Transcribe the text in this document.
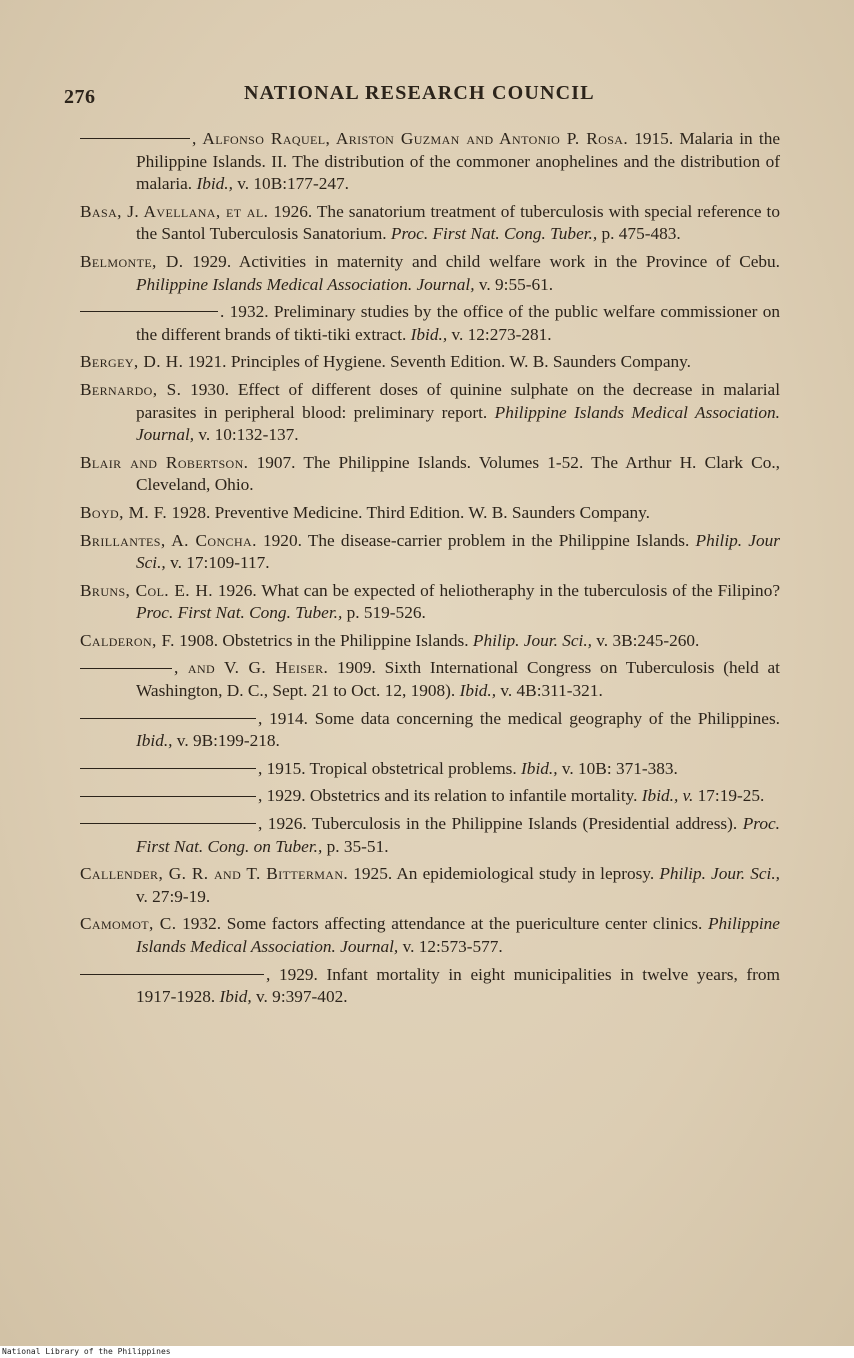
276	NATIONAL RESEARCH COUNCIL
, Alfonso Raquel, Ariston Guzman and Antonio P. Rosa. 1915. Malaria in the Philippine Islands. II. The distribution of the commoner anophelines and the distribution of malaria. Ibid., v. 10B:177-247.
Basa, J. Avellana, et al. 1926. The sanatorium treatment of tuberculosis with special reference to the Santol Tuberculosis Sanatorium. Proc. First Nat. Cong. Tuber., p. 475-483.
Belmonte, D. 1929. Activities in maternity and child welfare work in the Province of Cebu. Philippine Islands Medical Association. Journal, v. 9:55-61.
. 1932. Preliminary studies by the office of the public welfare commissioner on the different brands of tikti-tiki extract. Ibid., v. 12:273-281.
Bergey, D. H. 1921. Principles of Hygiene. Seventh Edition. W. B. Saunders Company.
Bernardo, S. 1930. Effect of different doses of quinine sulphate on the decrease in malarial parasites in peripheral blood: preliminary report. Philippine Islands Medical Association. Journal, v. 10:132-137.
Blair and Robertson. 1907. The Philippine Islands. Volumes 1-52. The Arthur H. Clark Co., Cleveland, Ohio.
Boyd, M. F. 1928. Preventive Medicine. Third Edition. W. B. Saunders Company.
Brillantes, A. Concha. 1920. The disease-carrier problem in the Philippine Islands. Philip. Jour Sci., v. 17:109-117.
Bruns, Col. E. H. 1926. What can be expected of heliotheraphy in the tuberculosis of the Filipino? Proc. First Nat. Cong. Tuber., p. 519-526.
Calderon, F. 1908. Obstetrics in the Philippine Islands. Philip. Jour. Sci., v. 3B:245-260.
, and V. G. Heiser. 1909. Sixth International Congress on Tuberculosis (held at Washington, D. C., Sept. 21 to Oct. 12, 1908). Ibid., v. 4B:311-321.
, 1914. Some data concerning the medical geography of the Philippines. Ibid., v. 9B:199-218.
, 1915. Tropical obstetrical problems. Ibid., v. 10B: 371-383.
, 1929. Obstetrics and its relation to infantile mortality. Ibid., v. 17:19-25.
, 1926. Tuberculosis in the Philippine Islands (Presidential address). Proc. First Nat. Cong. on Tuber., p. 35-51.
Callender, G. R. and T. Bitterman. 1925. An epidemiological study in leprosy. Philip. Jour. Sci., v. 27:9-19.
Camomot, C. 1932. Some factors affecting attendance at the puericulture center clinics. Philippine Islands Medical Association. Journal, v. 12:573-577.
, 1929. Infant mortality in eight municipalities in twelve years, from 1917-1928. Ibid, v. 9:397-402.
National Library of the Philippines
